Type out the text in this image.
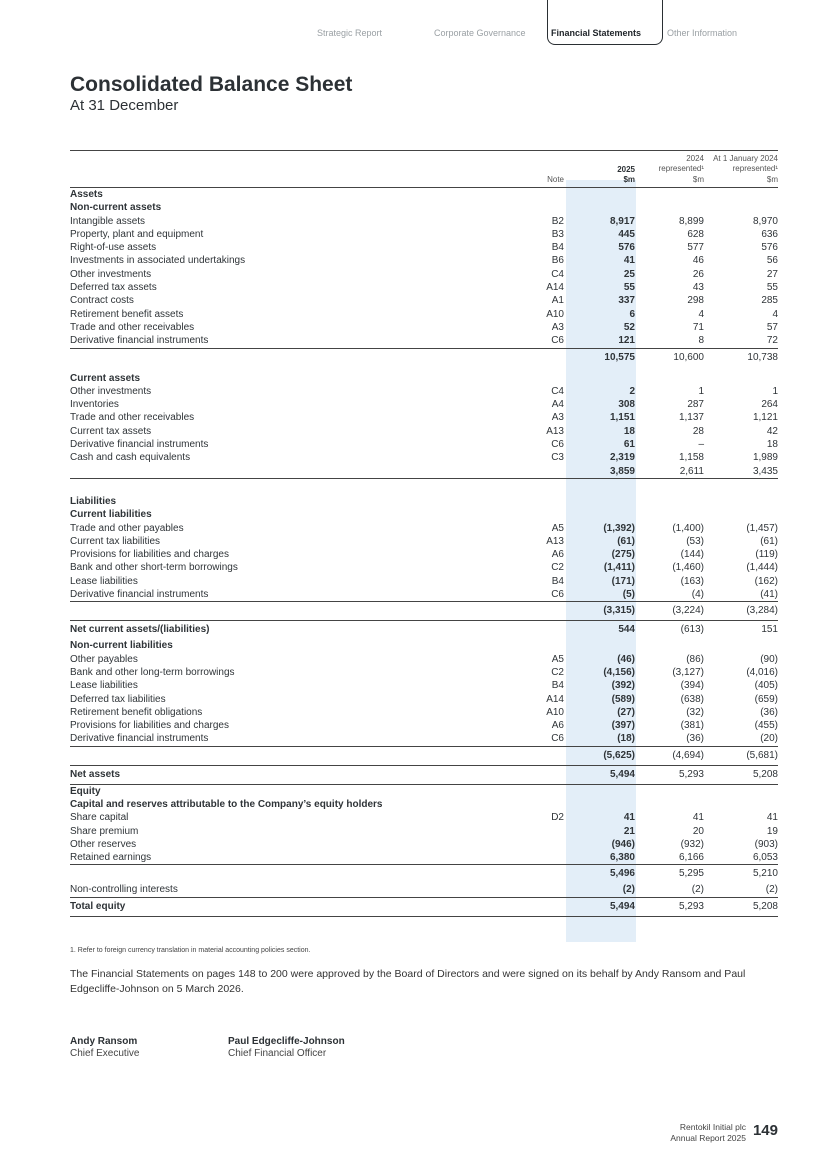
Strategic Report	Corporate Governance	Financial Statements	Other Information
Consolidated Balance Sheet
At 31 December
Note
2025
$m
2024
represented¹
$m
At 1 January 2024
represented¹
$m
Assets
Non-current assets
Intangible assets	B2	8,917	8,899	8,970
Property, plant and equipment	B3	445	628	636
Right-of-use assets	B4	576	577	576
Investments in associated undertakings	B6	41	46	56
Other investments	C4	25	26	27
Deferred tax assets	A14	55	43	55
Contract costs	A1	337	298	285
Retirement benefit assets	A10	6	4	4
Trade and other receivables	A3	52	71	57
Derivative financial instruments	C6	121	8	72
10,575	10,600	10,738
Current assets
Other investments	C4	2	1	1
Inventories	A4	308	287	264
Trade and other receivables	A3	1,151	1,137	1,121
Current tax assets	A13	18	28	42
Derivative financial instruments	C6	61	–	18
Cash and cash equivalents	C3	2,319	1,158	1,989
3,859	2,611	3,435
Liabilities
Current liabilities
Trade and other payables	A5	(1,392)	(1,400)	(1,457)
Current tax liabilities	A13	(61)	(53)	(61)
Provisions for liabilities and charges	A6	(275)	(144)	(119)
Bank and other short-term borrowings	C2	(1,411)	(1,460)	(1,444)
Lease liabilities	B4	(171)	(163)	(162)
Derivative financial instruments	C6	(5)	(4)	(41)
(3,315)	(3,224)	(3,284)
Net current assets/(liabilities)	544	(613)	151
Non-current liabilities
Other payables	A5	(46)	(86)	(90)
Bank and other long-term borrowings	C2	(4,156)	(3,127)	(4,016)
Lease liabilities	B4	(392)	(394)	(405)
Deferred tax liabilities	A14	(589)	(638)	(659)
Retirement benefit obligations	A10	(27)	(32)	(36)
Provisions for liabilities and charges	A6	(397)	(381)	(455)
Derivative financial instruments	C6	(18)	(36)	(20)
(5,625)	(4,694)	(5,681)
Net assets	5,494	5,293	5,208
Equity
Capital and reserves attributable to the Company’s equity holders
Share capital	D2	41	41	41
Share premium	21	20	19
Other reserves	(946)	(932)	(903)
Retained earnings	6,380	6,166	6,053
5,496	5,295	5,210
Non-controlling interests	(2)	(2)	(2)
Total equity	5,494	5,293	5,208
1. Refer to foreign currency translation in material accounting policies section.
The Financial Statements on pages 148 to 200 were approved by the Board of Directors and were signed on its behalf by Andy Ransom and Paul Edgecliffe-Johnson on 5 March 2026.
Andy Ransom
Chief Executive
Paul Edgecliffe-Johnson
Chief Financial Officer
Rentokil Initial plc
Annual Report 2025 149
